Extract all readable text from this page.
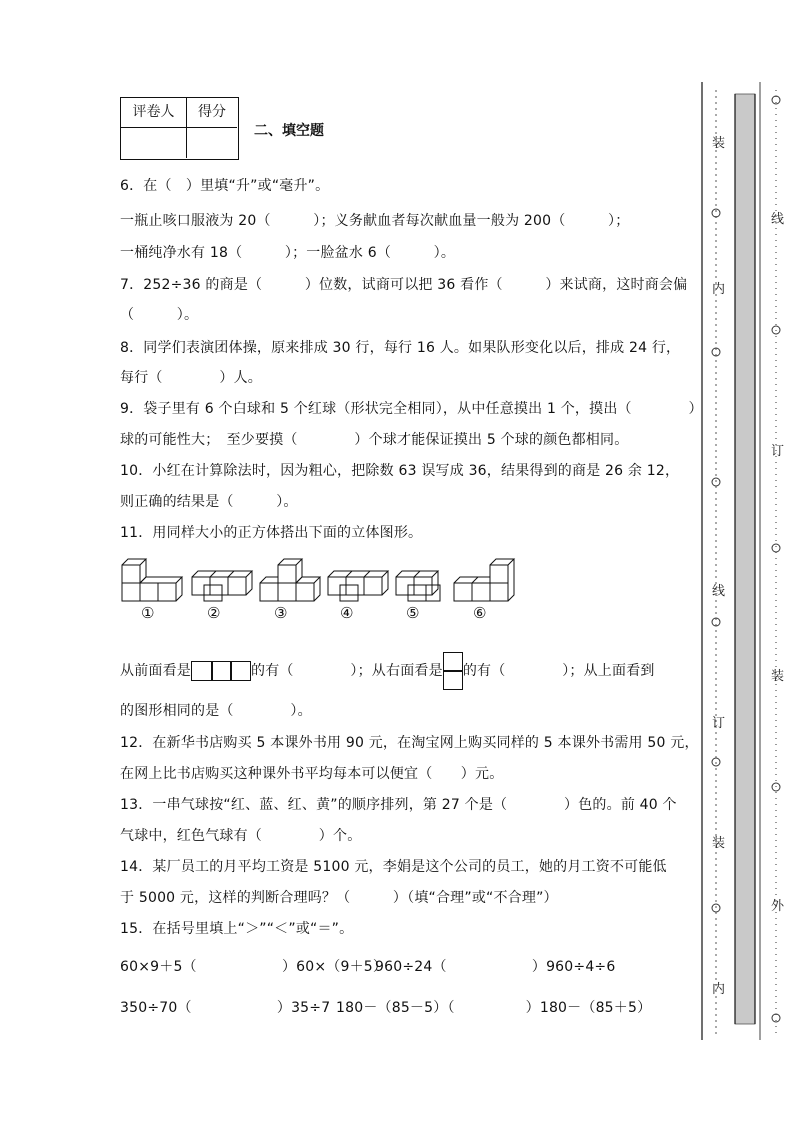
评卷人	得分
二、填空题
6．在（　）里填“升”或“毫升”。
一瓶止咳口服液为 20（　　　）；义务献血者每次献血量一般为 200（　　　）；
一桶纯净水有 18（　　　）；一脸盆水 6（　　　）。
7．252÷36 的商是（　　　）位数，试商可以把 36 看作（　　　）来试商，这时商会偏
（　　　）。
8．同学们表演团体操，原来排成 30 行，每行 16 人。如果队形变化以后，排成 24 行，
每行（　　　　）人。
9．袋子里有 6 个白球和 5 个红球（形状完全相同），从中任意摸出 1 个，摸出（　　　　）
球的可能性大；　至少要摸（　　　　）个球才能保证摸出 5 个球的颜色都相同。
10．小红在计算除法时，因为粗心，把除数 63 误写成 36，结果得到的商是 26 余 12，
则正确的结果是（　　　）。
11．用同样大小的正方体搭出下面的立体图形。
①	②	③	④	⑤	⑥
从前面看是	的有（　　　　）；从右面看是 的有（　　　　）；从上面看到
的图形相同的是（　　　　）。
12．在新华书店购买 5 本课外书用 90 元，在淘宝网上购买同样的 5 本课外书需用 50 元，
在网上比书店购买这种课外书平均每本可以便宜（　　）元。
13．一串气球按“红、蓝、红、黄”的顺序排列，第 27 个是（　　　　）色的。前 40 个
气球中，红色气球有（　　　　）个。
14．某厂员工的月平均工资是 5100 元，李娟是这个公司的员工，她的月工资不可能低
于 5000 元，这样的判断合理吗？（　　　）（填“合理”或“不合理”）
15．在括号里填上“＞”“＜”或“＝”。
60×9＋5（　　　　　　）60×（9＋5）
960÷24（　　　　　　）960÷4÷6
350÷70（　　　　　　）35÷7 180－（85－5）（　　　　　）180－（85＋5）
装
内
线
订
装
内
线
订
装
外
